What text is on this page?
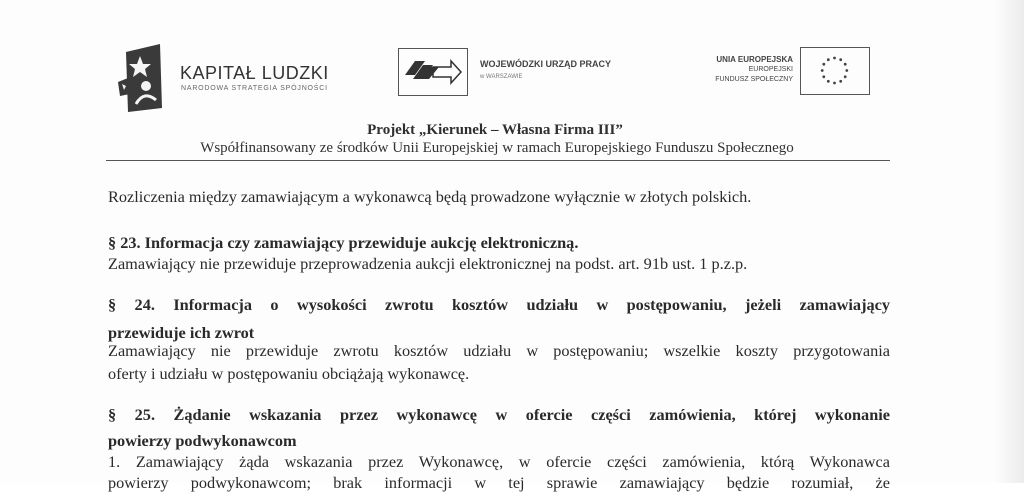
KAPITAŁ LUDZKI
NARODOWA STRATEGIA SPÓJNOŚCI
WOJEWÓDZKI URZĄD PRACY
w WARSZAWIE
UNIA EUROPEJSKA
EUROPEJSKI
FUNDUSZ SPOŁECZNY
Projekt „Kierunek – Własna Firma III”
Współfinansowany ze środków Unii Europejskiej w ramach Europejskiego Funduszu Społecznego
Rozliczenia między zamawiającym a wykonawcą będą prowadzone wyłącznie w złotych polskich.
§ 23. Informacja czy zamawiający przewiduje aukcję elektroniczną.
Zamawiający nie przewiduje przeprowadzenia aukcji elektronicznej na podst. art. 91b ust. 1 p.z.p.
§ 24. Informacja o wysokości zwrotu kosztów udziału w postępowaniu, jeżeli zamawiający
przewiduje ich zwrot
Zamawiający nie przewiduje zwrotu kosztów udziału w postępowaniu; wszelkie koszty przygotowania
oferty i udziału w postępowaniu obciążają wykonawcę.
§ 25. Żądanie wskazania przez wykonawcę w ofercie części zamówienia, której wykonanie
powierzy podwykonawcom
1. Zamawiający żąda wskazania przez Wykonawcę, w ofercie części zamówienia, którą Wykonawca
powierzy podwykonawcom; brak informacji w tej sprawie zamawiający będzie rozumiał, że
